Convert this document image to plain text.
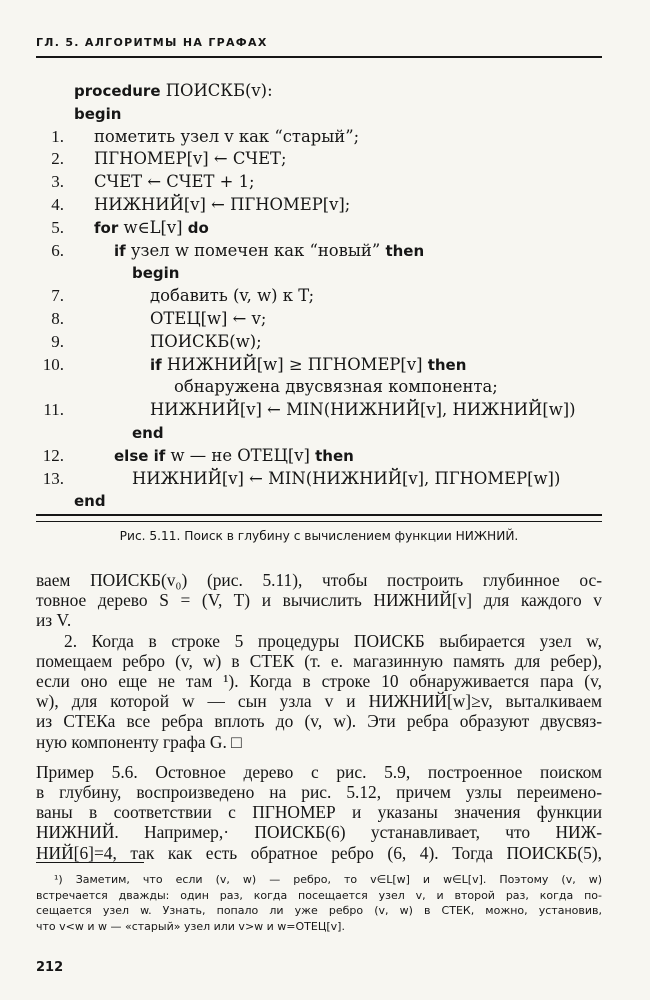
ГЛ. 5. АЛГОРИТМЫ НА ГРАФАХ
procedure ПОИСКБ(v):
begin
1. пометить узел v как “старый”;
2. ПГНОМЕР[v] ← СЧЕТ;
3. СЧЕТ ← СЧЕТ + 1;
4. НИЖНИЙ[v] ← ПГНОМЕР[v];
5. for w∈L[v] do
6.	if узел w помечен как “новый” then
begin
7.	добавить (v, w) к T;
8.	ОТЕЦ[w] ← v;
9.	ПОИСКБ(w);
10.	if НИЖНИЙ[w] ≥ ПГНОМЕР[v] then
обнаружена двусвязная компонента;
11.	НИЖНИЙ[v] ← MIN(НИЖНИЙ[v], НИЖНИЙ[w])
end
12.	else if w — не ОТЕЦ[v] then
13.	НИЖНИЙ[v] ← MIN(НИЖНИЙ[v], ПГНОМЕР[w])
end
Рис. 5.11. Поиск в глубину с вычислением функции НИЖНИЙ.

ваем ПОИСКБ(v₀) (рис. 5.11), чтобы построить глубинное ос-
товное дерево S = (V, T) и вычислить НИЖНИЙ[v] для каждого v
из V.

2. Когда в строке 5 процедуры ПОИСКБ выбирается узел w,
помещаем ребро (v, w) в СТЕК (т. е. магазинную память для ребер),
если оно еще не там ¹). Когда в строке 10 обнаруживается пара (v,
w), для которой w — сын узла v и НИЖНИЙ[w]≥v, выталкиваем
из СТЕКа все ребра вплоть до (v, w). Эти ребра образуют двусвяз-
ную компоненту графа G. □

Пример 5.6. Остовное дерево с рис. 5.9, построенное поиском
в глубину, воспроизведено на рис. 5.12, причем узлы переимено-
ваны в соответствии с ПГНОМЕР и указаны значения функции
НИЖНИЙ. Например,· ПОИСКБ(6) устанавливает, что НИЖ-
НИЙ[6]=4, так как есть обратное ребро (6, 4). Тогда ПОИСКБ(5),

¹) Заметим, что если (v, w) — ребро, то v∈L[w] и w∈L[v]. Поэтому (v, w)
встречается дважды: один раз, когда посещается узел v, и второй раз, когда по-
сещается узел w. Узнать, попало ли уже ребро (v, w) в СТЕК, можно, установив,
что v<w и w — «старый» узел или v>w и w=ОТЕЦ[v].
212
